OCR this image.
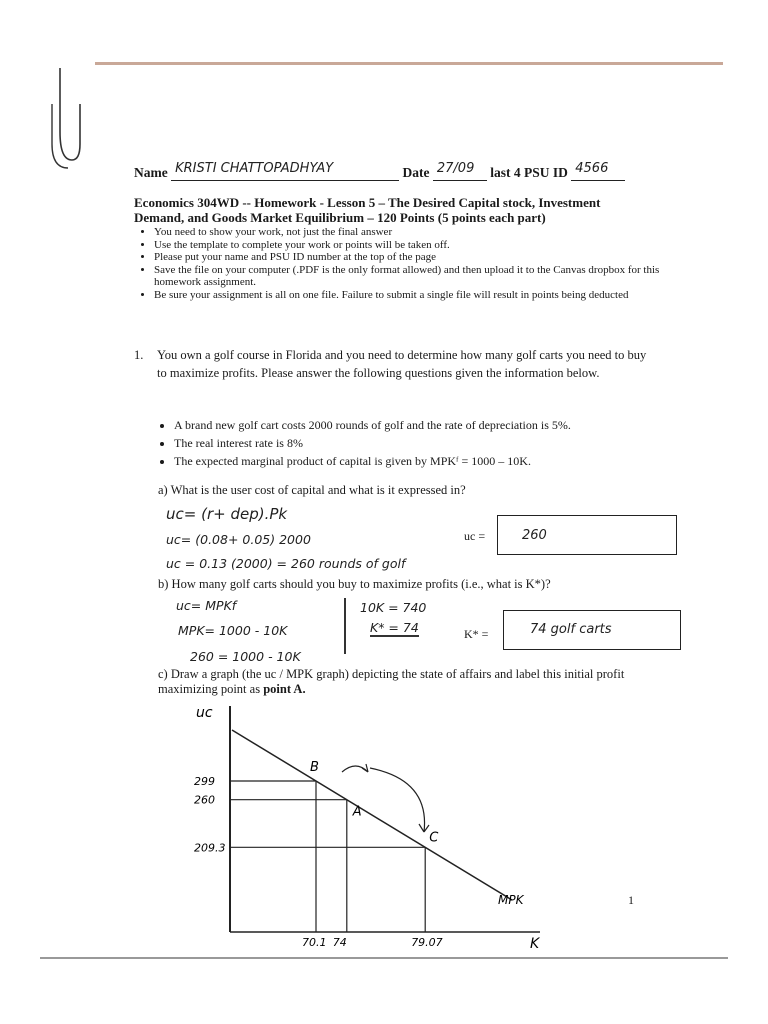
Name KRISTI CHATTOPADHYAY	Date 27/09 last 4 PSU ID 4566
Economics 304WD -- Homework - Lesson 5 – The Desired Capital stock, Investment Demand, and Goods Market Equilibrium – 120 Points (5 points each part)
• You need to show your work, not just the final answer
• Use the template to complete your work or points will be taken off.
• Please put your name and PSU ID number at the top of the page
• Save the file on your computer (.PDF is the only format allowed) and then upload it to the Canvas dropbox for this homework assignment.
• Be sure your assignment is all on one file. Failure to submit a single file will result in points being deducted
1. You own a golf course in Florida and you need to determine how many golf carts you need to buy to maximize profits. Please answer the following questions given the information below.
• A brand new golf cart costs 2000 rounds of golf and the rate of depreciation is 5%.
• The real interest rate is 8%
• The expected marginal product of capital is given by MPKᶠ = 1000 – 10K.
a) What is the user cost of capital and what is it expressed in?
uc= (r+ dep).Pk
uc= (0.08+ 0.05) 2000
uc = 0.13 (2000) = 260 rounds of golf
uc =	260
b) How many golf carts should you buy to maximize profits (i.e., what is K*)?
uc= MPKf
MPK= 1000 - 10K
260 = 1000 - 10K
10K = 740
K* = 74	K* =	74 golf carts
c) Draw a graph (the uc / MPK graph) depicting the state of affairs and label this initial profit maximizing point as point A.
uc
K
MPK
B
299
70.1
A
260
74
C
209.3
79.07
1
